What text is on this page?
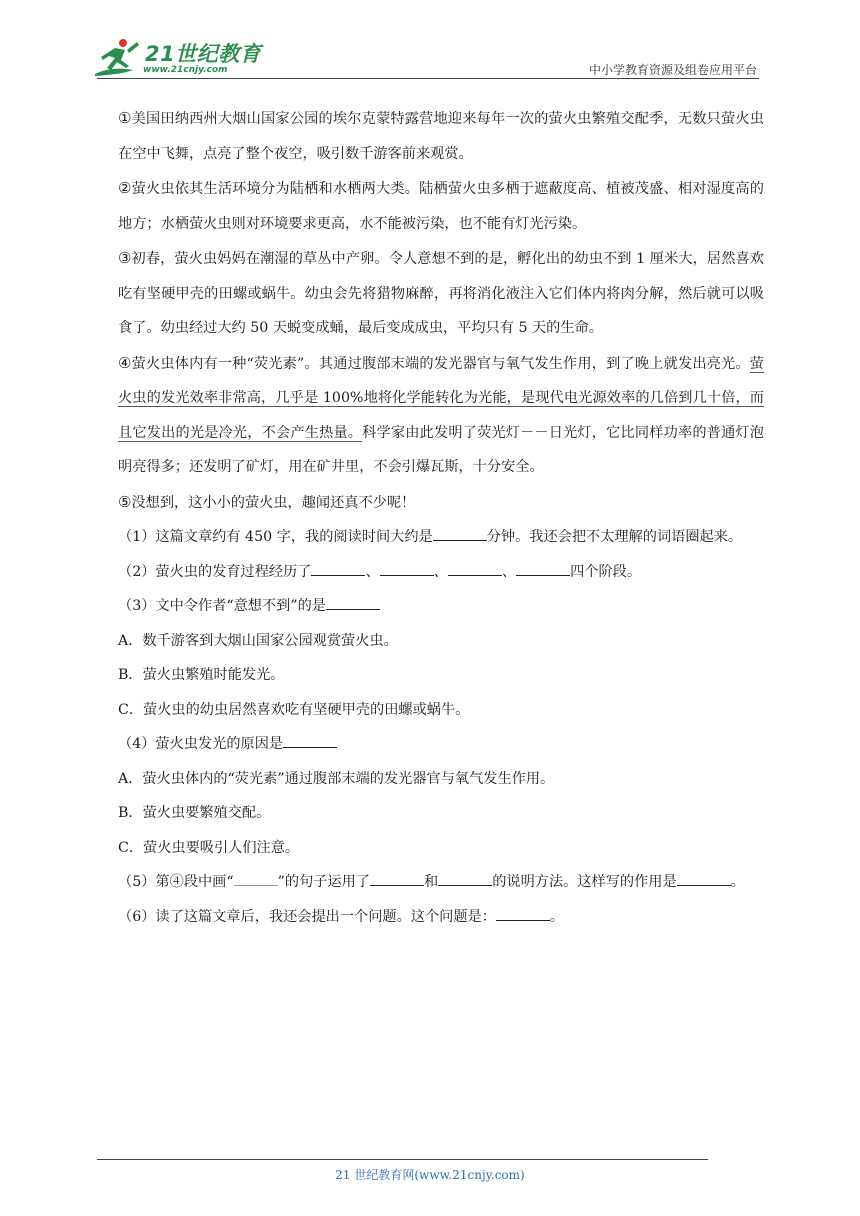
21世纪教育
www.21cnjy.com	中小学教育资源及组卷应用平台

①美国田纳西州大烟山国家公园的埃尔克蒙特露营地迎来每年一次的萤火虫繁殖交配季，无数只萤火虫在空中飞舞，点亮了整个夜空，吸引数千游客前来观赏。

②萤火虫依其生活环境分为陆栖和水栖两大类。陆栖萤火虫多栖于遮蔽度高、植被茂盛、相对湿度高的地方；水栖萤火虫则对环境要求更高，水不能被污染，也不能有灯光污染。

③初春，萤火虫妈妈在潮湿的草丛中产卵。令人意想不到的是，孵化出的幼虫不到 1 厘米大，居然喜欢吃有坚硬甲壳的田螺或蜗牛。幼虫会先将猎物麻醉，再将消化液注入它们体内将肉分解，然后就可以吸食了。幼虫经过大约 50 天蜕变成蛹，最后变成成虫，平均只有 5 天的生命。

④萤火虫体内有一种“荧光素”。其通过腹部末端的发光器官与氧气发生作用，到了晚上就发出亮光。萤火虫的发光效率非常高，几乎是 100%地将化学能转化为光能，是现代电光源效率的几倍到几十倍，而且它发出的光是冷光，不会产生热量。科学家由此发明了荧光灯－－日光灯，它比同样功率的普通灯泡明亮得多；还发明了矿灯，用在矿井里，不会引爆瓦斯，十分安全。

⑤没想到，这小小的萤火虫，趣闻还真不少呢！

（1）这篇文章约有 450 字，我的阅读时间大约是	分钟。我还会把不太理解的词语圈起来。

（2）萤火虫的发育过程经历了	、	、	、	四个阶段。

（3）文中令作者“意想不到”的是

A．数千游客到大烟山国家公园观赏萤火虫。

B．萤火虫繁殖时能发光。

C．萤火虫的幼虫居然喜欢吃有坚硬甲壳的田螺或蜗牛。

（4）萤火虫发光的原因是

A．萤火虫体内的“荧光素”通过腹部末端的发光器官与氧气发生作用。

B．萤火虫要繁殖交配。

C．萤火虫要吸引人们注意。

（5）第④段中画“	”的句子运用了	和	的说明方法。这样写的作用是	。

（6）读了这篇文章后，我还会提出一个问题。这个问题是：	。

21 世纪教育网(www.21cnjy.com)
